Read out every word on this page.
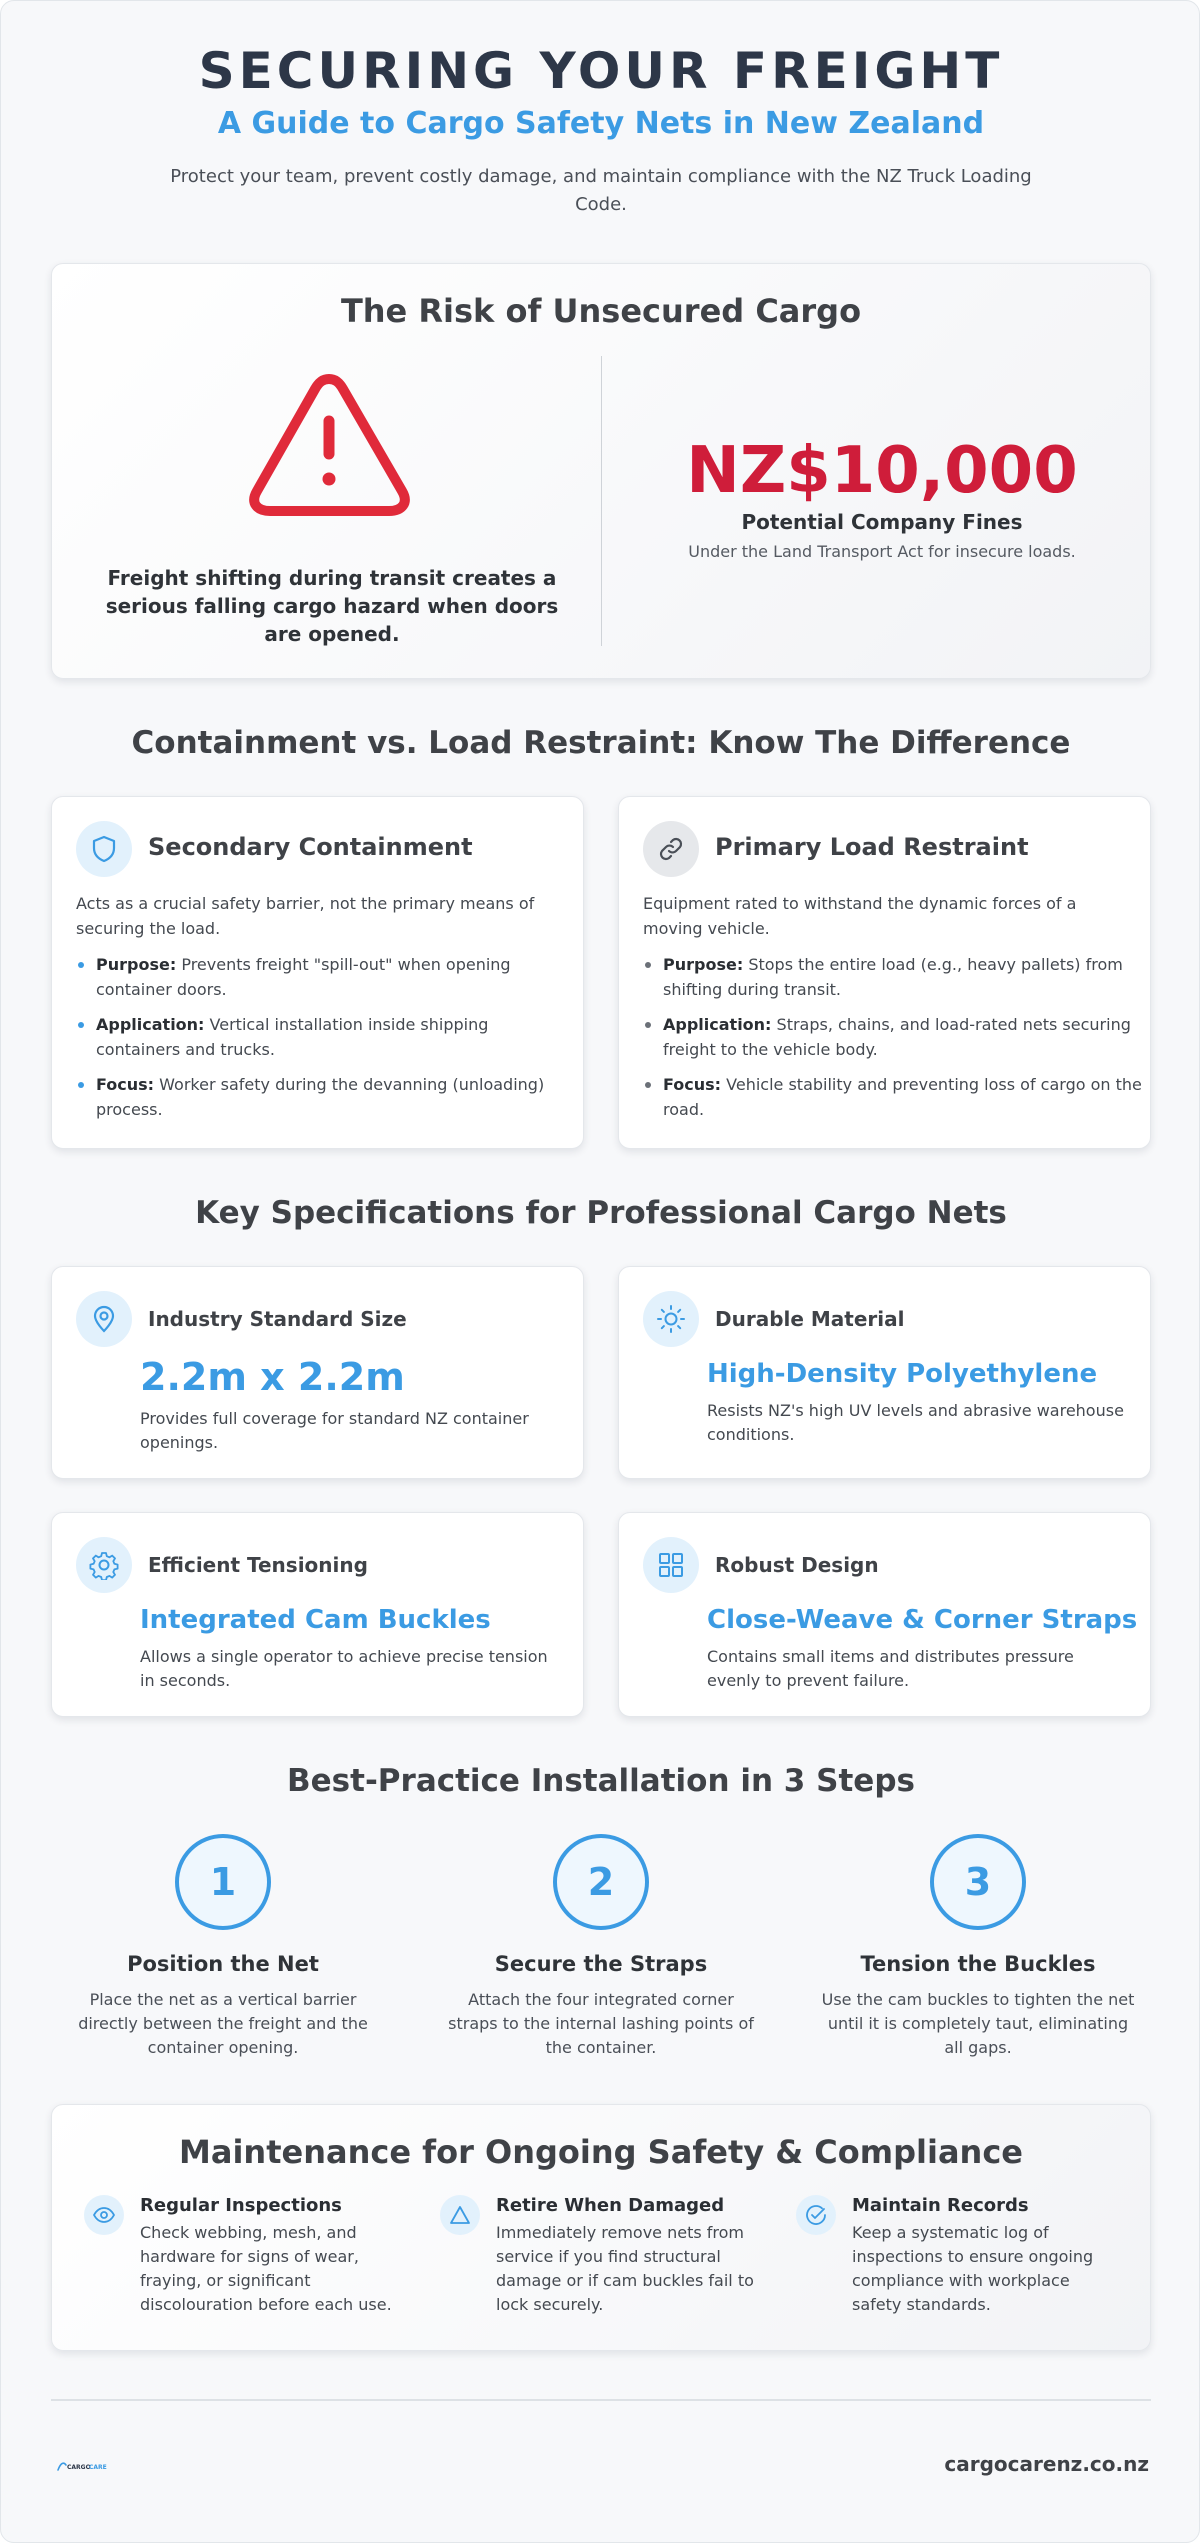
SECURING YOUR FREIGHT
A Guide to Cargo Safety Nets in New Zealand
Protect your team, prevent costly damage, and maintain compliance with the NZ Truck Loading Code.
The Risk of Unsecured Cargo
Freight shifting during transit creates a serious falling cargo hazard when doors are opened.
NZ$10,000
Potential Company Fines
Under the Land Transport Act for insecure loads.
Containment vs. Load Restraint: Know The Difference
Secondary Containment
Acts as a crucial safety barrier, not the primary means of securing the load.
Purpose: Prevents freight "spill-out" when opening container doors.
Application: Vertical installation inside shipping containers and trucks.
Focus: Worker safety during the devanning (unloading) process.
Primary Load Restraint
Equipment rated to withstand the dynamic forces of a moving vehicle.
Purpose: Stops the entire load (e.g., heavy pallets) from shifting during transit.
Application: Straps, chains, and load-rated nets securing freight to the vehicle body.
Focus: Vehicle stability and preventing loss of cargo on the road.
Key Specifications for Professional Cargo Nets
Industry Standard Size
2.2m x 2.2m
Provides full coverage for standard NZ container openings.
Durable Material
High-Density Polyethylene
Resists NZ's high UV levels and abrasive warehouse conditions.
Efficient Tensioning
Integrated Cam Buckles
Allows a single operator to achieve precise tension in seconds.
Robust Design
Close-Weave & Corner Straps
Contains small items and distributes pressure evenly to prevent failure.
Best-Practice Installation in 3 Steps
1
Position the Net
Place the net as a vertical barrier directly between the freight and the container opening.
2
Secure the Straps
Attach the four integrated corner straps to the internal lashing points of the container.
3
Tension the Buckles
Use the cam buckles to tighten the net until it is completely taut, eliminating all gaps.
Maintenance for Ongoing Safety & Compliance
Regular Inspections
Check webbing, mesh, and hardware for signs of wear, fraying, or significant discolouration before each use.
Retire When Damaged
Immediately remove nets from service if you find structural damage or if cam buckles fail to lock securely.
Maintain Records
Keep a systematic log of inspections to ensure ongoing compliance with workplace safety standards.
CARGO
CARE	cargocarenz.co.nz
